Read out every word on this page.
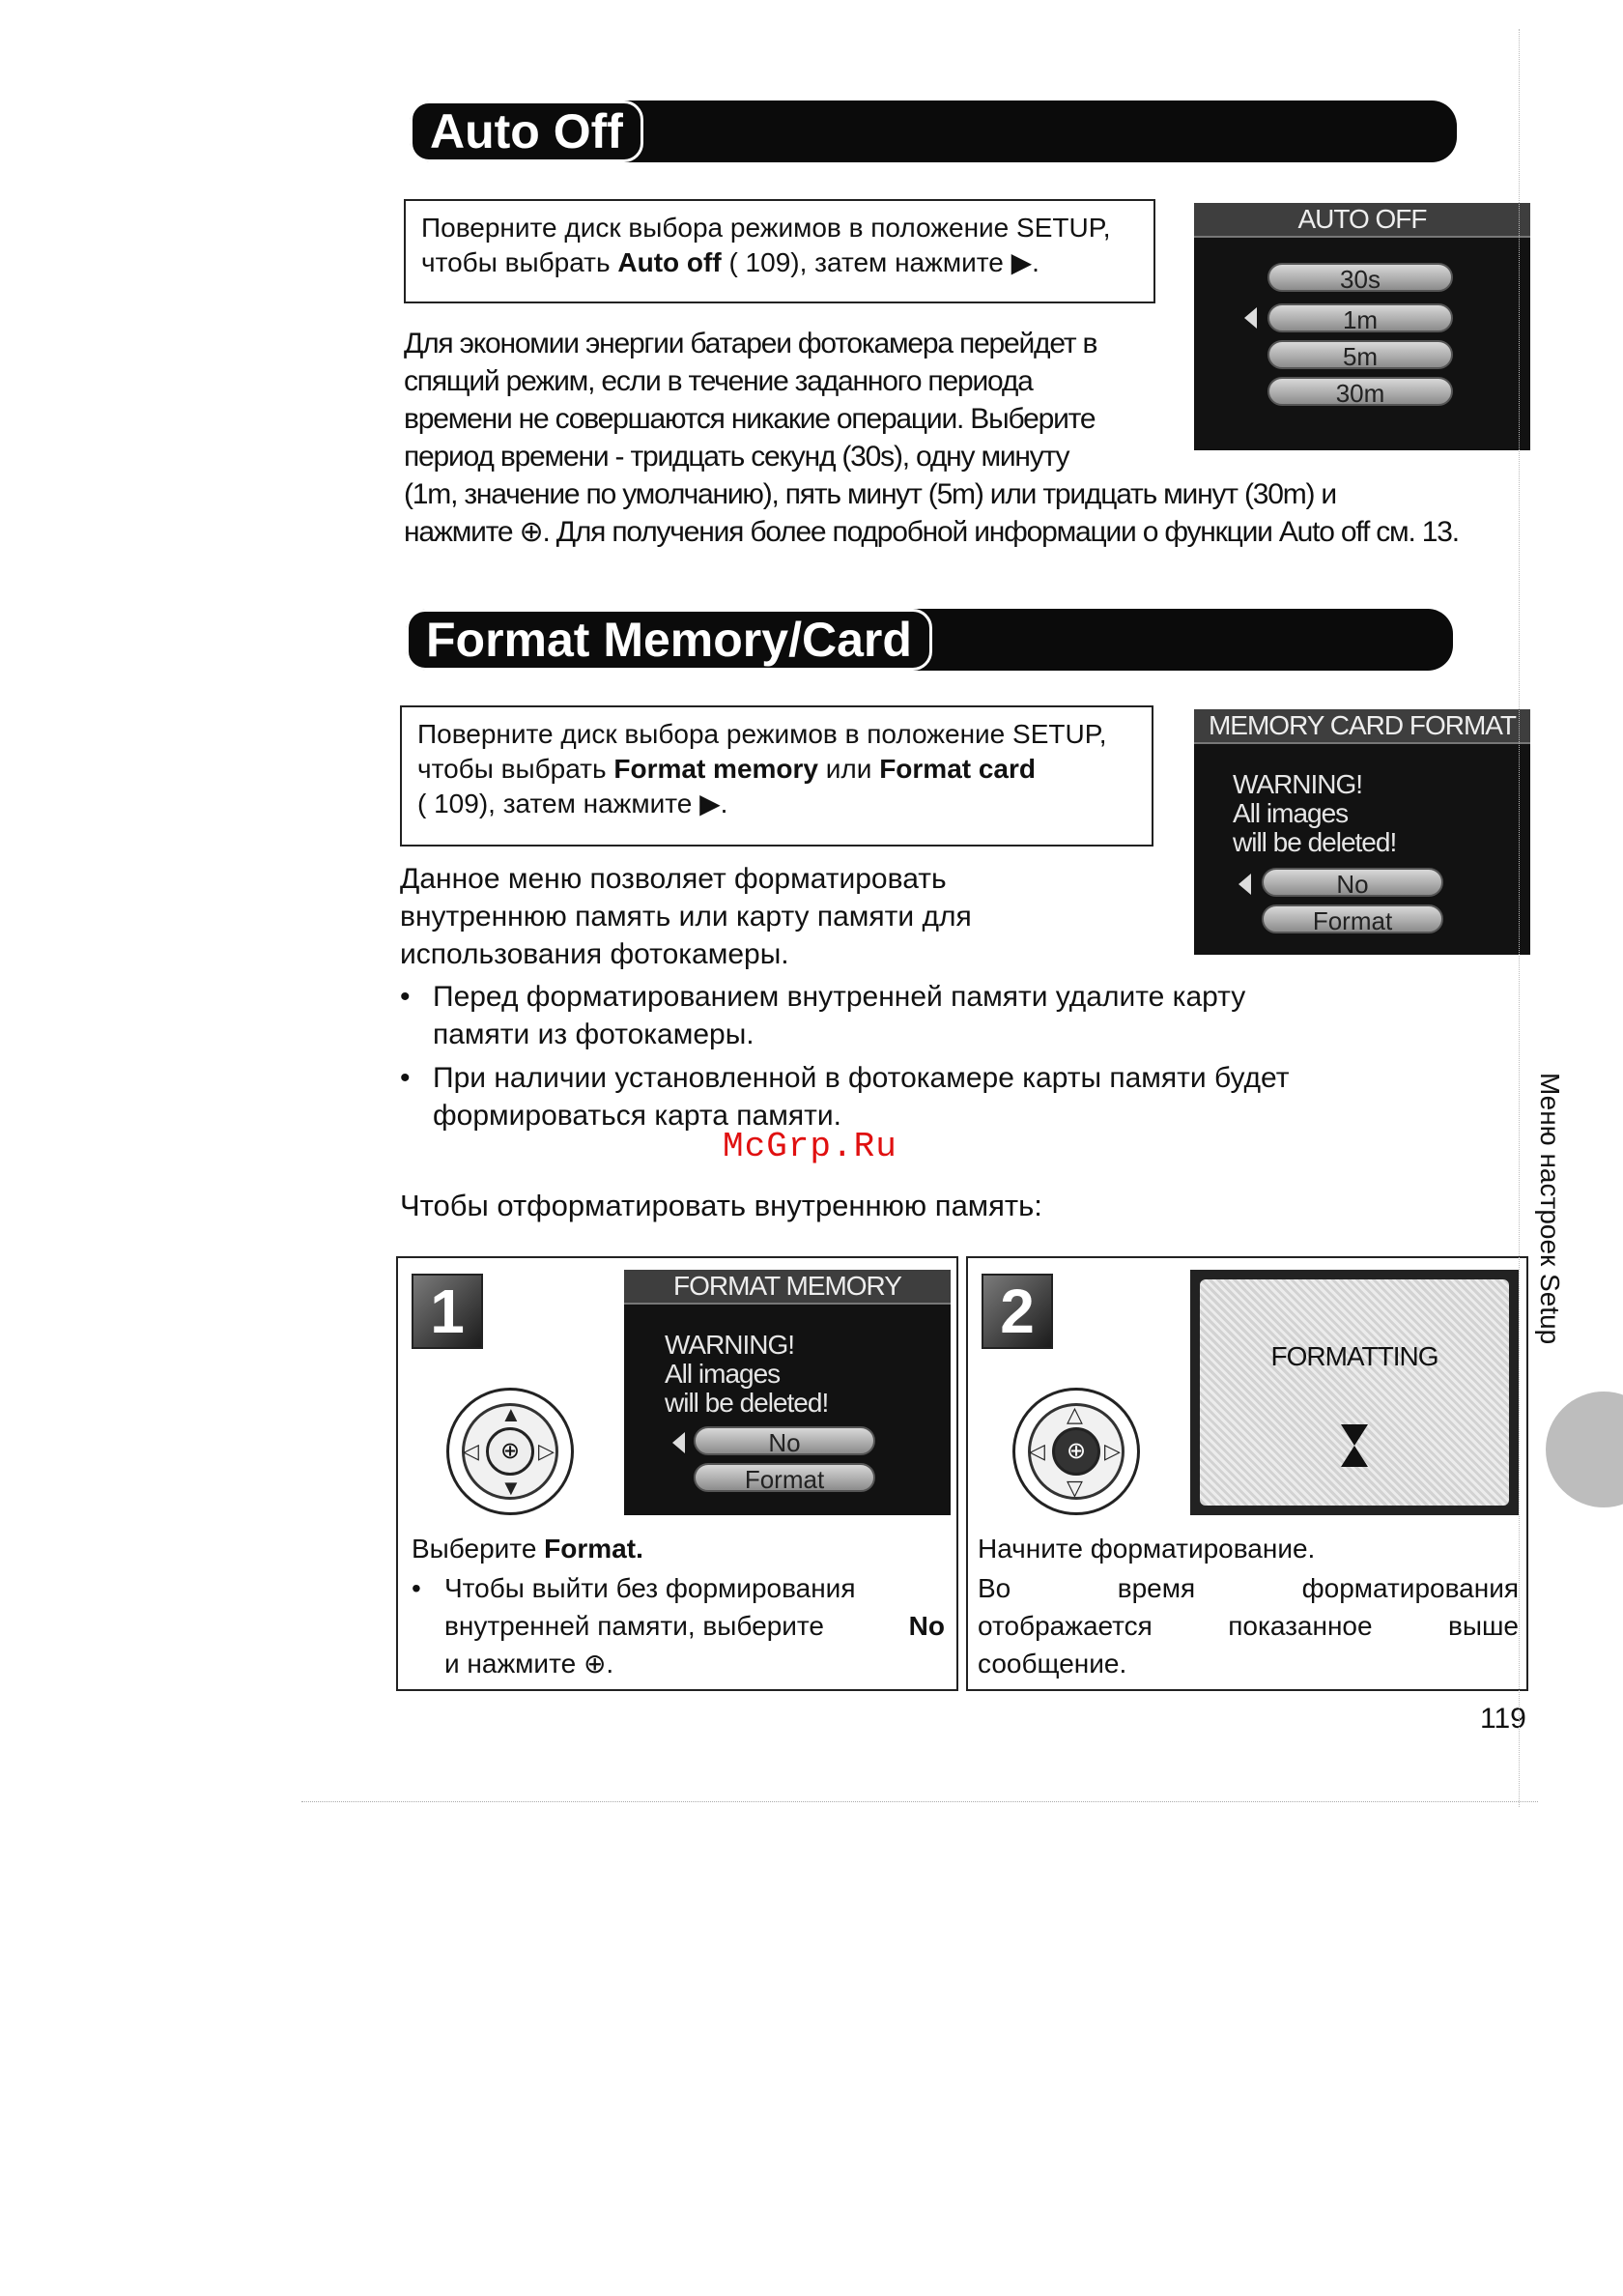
Auto Off
Поверните диск выбора режимов в положение SETUP,
чтобы выбрать Auto off ( 109), затем нажмите ▶.
AUTO OFF
30s
1m
5m
30m
Для экономии энергии батареи фотокамера перейдет в
спящий режим, если в течение заданного периода
времени не совершаются никакие операции. Выберите
период времени - тридцать секунд (30s), одну минуту
(1m, значение по умолчанию), пять минут (5m) или тридцать минут (30m) и
нажмите ⊕. Для получения более подробной информации о функции Auto off см. 13.
Format Memory/Card
Поверните диск выбора режимов в положение SETUP,
чтобы выбрать Format memory или Format card
( 109), затем нажмите ▶.
MEMORY CARD FORMAT
WARNING!
All images
will be deleted!
No
Format
Данное меню позволяет форматировать
внутреннюю память или карту памяти для
использования фотокамеры.
• Перед форматированием внутренней памяти удалите карту
памяти из фотокамеры.
• При наличии установленной в фотокамере карты памяти будет
формироваться карта памяти.
McGrp.Ru
Чтобы отформатировать внутреннюю память:
1
⊕
▲
▼
◁	▷
FORMAT MEMORY
WARNING!
All images
will be deleted!
No
Format
Выберите Format.
• Чтобы выйти без формирования
внутренней памяти, выберите	No
и нажмите ⊕.
2
⊕
△
▽
◁	▷
FORMATTING
Начните форматирование.
Во время форматирования
отображается показанное выше
сообщение.
119
Меню настроек Setup
